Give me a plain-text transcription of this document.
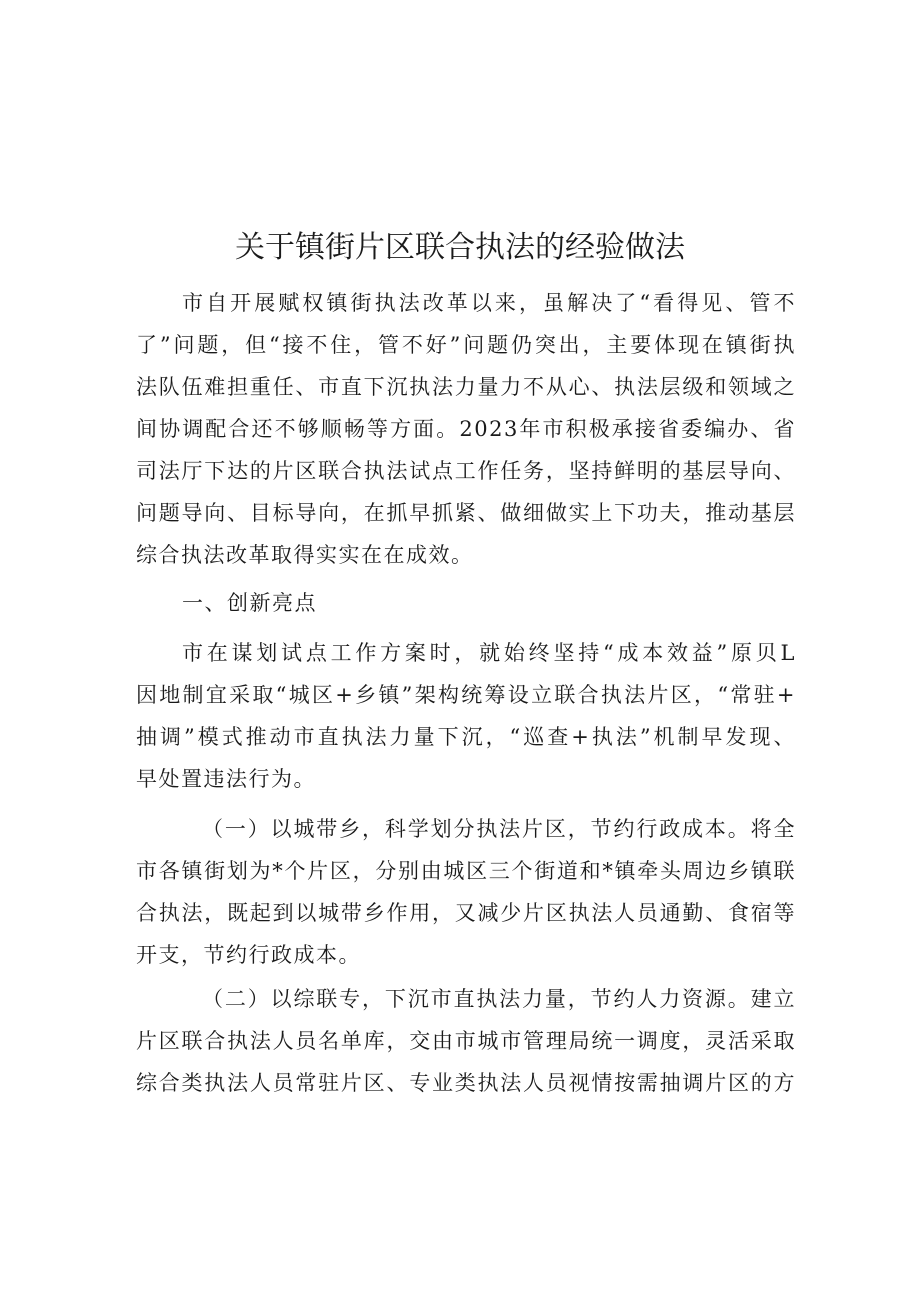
关于镇街片区联合执法的经验做法
市自开展赋权镇街执法改革以来，虽解决了“看得见、管不
了”问题，但“接不住，管不好”问题仍突出，主要体现在镇街执
法队伍难担重任、市直下沉执法力量力不从心、执法层级和领域之
间协调配合还不够顺畅等方面。2023年市积极承接省委编办、省
司法厅下达的片区联合执法试点工作任务，坚持鲜明的基层导向、
问题导向、目标导向，在抓早抓紧、做细做实上下功夫，推动基层
综合执法改革取得实实在在成效。
一、创新亮点
市在谋划试点工作方案时，就始终坚持“成本效益”原贝L
因地制宜采取“城区+乡镇”架构统筹设立联合执法片区，“常驻+
抽调”模式推动市直执法力量下沉，“巡查+执法”机制早发现、
早处置违法行为。
（一）以城带乡，科学划分执法片区，节约行政成本。将全
市各镇街划为*个片区，分别由城区三个街道和*镇牵头周边乡镇联
合执法，既起到以城带乡作用，又减少片区执法人员通勤、食宿等
开支，节约行政成本。
（二）以综联专，下沉市直执法力量，节约人力资源。建立
片区联合执法人员名单库，交由市城市管理局统一调度，灵活采取
综合类执法人员常驻片区、专业类执法人员视情按需抽调片区的方
